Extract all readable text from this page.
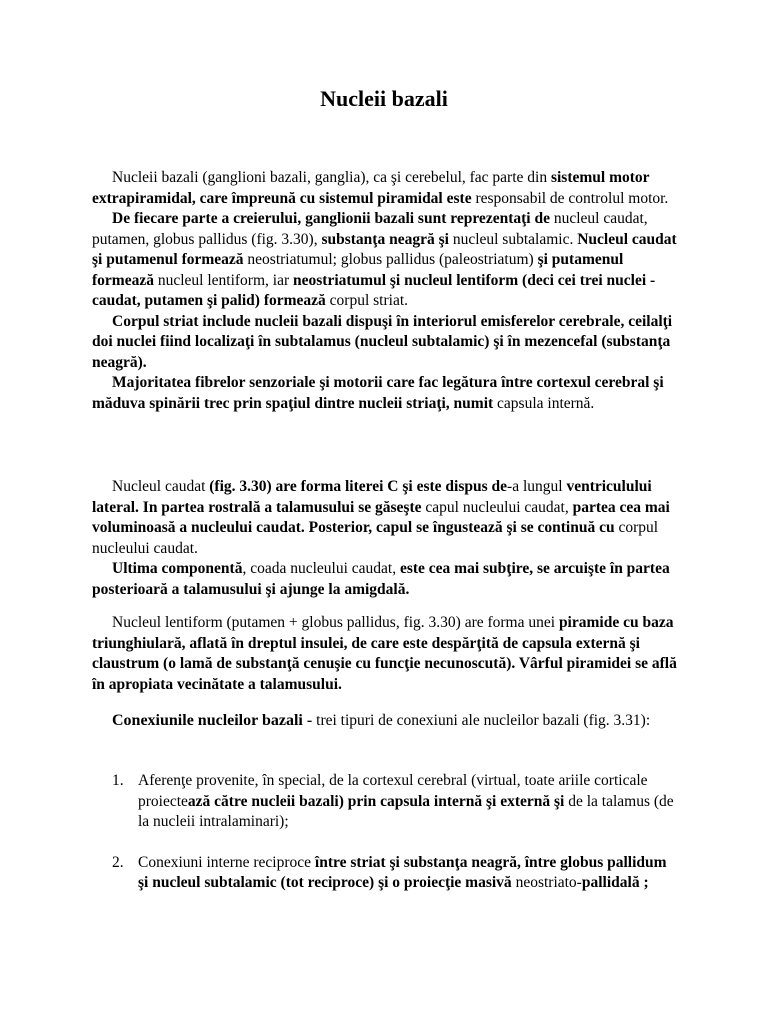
Nucleii bazali

Nucleii bazali (ganglioni bazali, ganglia), ca şi cerebelul, fac parte din sistemul motor extrapiramidal, care împreună cu sistemul piramidal este responsabil de controlul motor.

De fiecare parte a creierului, ganglionii bazali sunt reprezentaţi de nucleul caudat, putamen, globus pallidus (fig. 3.30), substanţa neagră şi nucleul subtalamic. Nucleul caudat şi putamenul formează neostriatumul; globus pallidus (paleostriatum) şi putamenul formează nucleul lentiform, iar neostriatumul şi nucleul lentiform (deci cei trei nuclei - caudat, putamen şi palid) formează corpul striat.

Corpul striat include nucleii bazali dispuşi în interiorul emisferelor cerebrale, ceilalţi doi nuclei fiind localizaţi în subtalamus (nucleul subtalamic) şi în mezencefal (substanţa neagră).

Majoritatea fibrelor senzoriale şi motorii care fac legătura între cortexul cerebral şi măduva spinării trec prin spaţiul dintre nucleii striaţi, numit capsula internă.

Nucleul caudat (fig. 3.30) are forma literei C şi este dispus de-a lungul ventriculului lateral. In partea rostrală a talamusului se găseşte capul nucleului caudat, partea cea mai voluminoasă a nucleului caudat. Posterior, capul se îngustează şi se continuă cu corpul nucleului caudat.

Ultima componentă, coada nucleului caudat, este cea mai subţire, se arcuişte în partea posterioară a talamusului şi ajunge la amigdală.

Nucleul lentiform (putamen + globus pallidus, fig. 3.30) are forma unei piramide cu baza triunghiulară, aflată în dreptul insulei, de care este despărţită de capsula externă şi claustrum (o lamă de substanţă cenuşie cu funcţie necunoscută). Vârful piramidei se află în apropiata vecinătate a talamusului.

Conexiunile nucleilor bazali - trei tipuri de conexiuni ale nucleilor bazali (fig. 3.31):

1. Aferenţe provenite, în special, de la cortexul cerebral (virtual, toate ariile corticale proiectează către nucleii bazali) prin capsula internă şi externă şi de la talamus (de la nucleii intralaminari);
2. Conexiuni interne reciproce între striat şi substanţa neagră, între globus pallidum şi nucleul subtalamic (tot reciproce) şi o proiecţie masivă neostriato-pallidală ;
